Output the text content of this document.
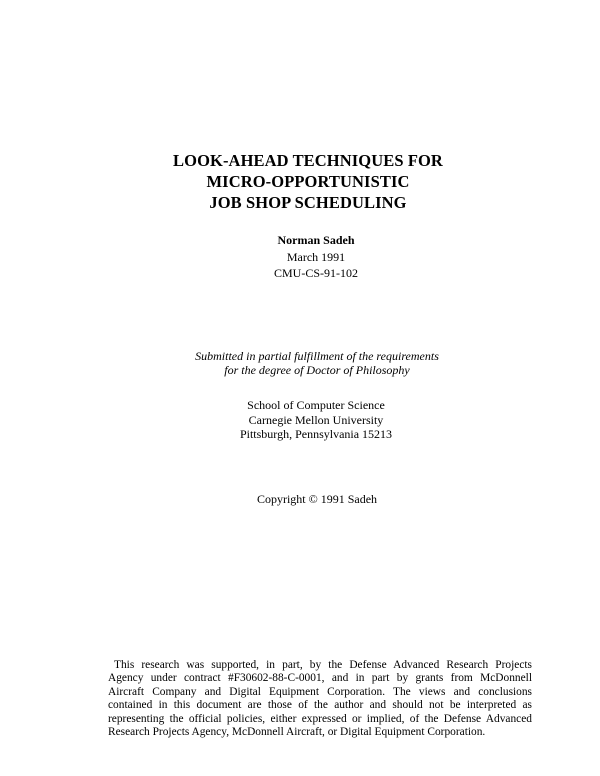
LOOK-AHEAD TECHNIQUES FOR
MICRO-OPPORTUNISTIC
JOB SHOP SCHEDULING
Norman Sadeh
March 1991
CMU-CS-91-102
Submitted in partial fulfillment of the requirements
for the degree of Doctor of Philosophy
School of Computer Science
Carnegie Mellon University
Pittsburgh, Pennsylvania 15213
Copyright © 1991 Sadeh
This research was supported, in part, by the Defense Advanced Research Projects
Agency under contract #F30602-88-C-0001, and in part by grants from McDonnell
Aircraft Company and Digital Equipment Corporation. The views and conclusions
contained in this document are those of the author and should not be interpreted as
representing the official policies, either expressed or implied, of the Defense Advanced
Research Projects Agency, McDonnell Aircraft, or Digital Equipment Corporation.
